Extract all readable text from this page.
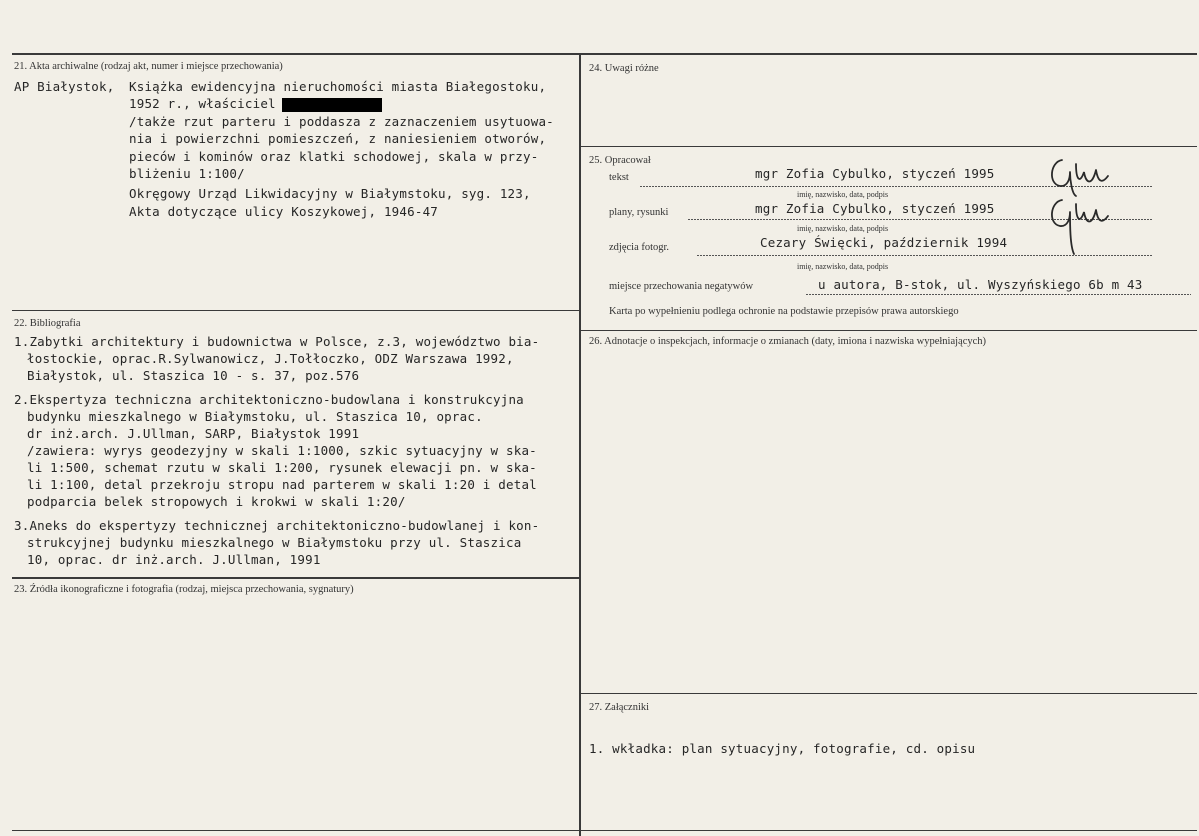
21. Akta archiwalne (rodzaj akt, numer i miejsce przechowania)
AP Białystok, Książka ewidencyjna nieruchomości miasta Białegostoku,
1952 r., właściciel
/także rzut parteru i poddasza z zaznaczeniem usytuowa-
nia i powierzchni pomieszczeń, z naniesieniem otworów,
pieców i kominów oraz klatki schodowej, skala w przy-
bliżeniu 1:100/
Okręgowy Urząd Likwidacyjny w Białymstoku, syg. 123,
Akta dotyczące ulicy Koszykowej, 1946-47
22. Bibliografia
1.Zabytki architektury i budownictwa w Polsce, z.3, województwo bia-
łostockie, oprac.R.Sylwanowicz, J.Tołłoczko, ODZ Warszawa 1992,
Białystok, ul. Staszica 10 - s. 37, poz.576
2.Ekspertyza techniczna architektoniczno-budowlana i konstrukcyjna
budynku mieszkalnego w Białymstoku, ul. Staszica 10, oprac.
dr inż.arch. J.Ullman, SARP, Białystok 1991
/zawiera: wyrys geodezyjny w skali 1:1000, szkic sytuacyjny w ska-
li 1:500, schemat rzutu w skali 1:200, rysunek elewacji pn. w ska-
li 1:100, detal przekroju stropu nad parterem w skali 1:20 i detal
podparcia belek stropowych i krokwi w skali 1:20/
3.Aneks do ekspertyzy technicznej architektoniczno-budowlanej i kon-
strukcyjnej budynku mieszkalnego w Białymstoku przy ul. Staszica
10, oprac. dr inż.arch. J.Ullman, 1991
23. Źródła ikonograficzne i fotografia (rodzaj, miejsca przechowania, sygnatury)
24. Uwagi różne
25. Opracował
tekst	mgr Zofia Cybulko, styczeń 1995
imię, nazwisko, data, podpis
plany, rysunki	mgr Zofia Cybulko, styczeń 1995
imię, nazwisko, data, podpis
zdjęcia fotogr.	Cezary Święcki, październik 1994
imię, nazwisko, data, podpis
miejsce przechowania negatywów	u autora, B-stok, ul. Wyszyńskiego 6b m 43
Karta po wypełnieniu podlega ochronie na podstawie przepisów prawa autorskiego
26. Adnotacje o inspekcjach, informacje o zmianach (daty, imiona i nazwiska wypełniających)
27. Załączniki
1. wkładka: plan sytuacyjny, fotografie, cd. opisu
